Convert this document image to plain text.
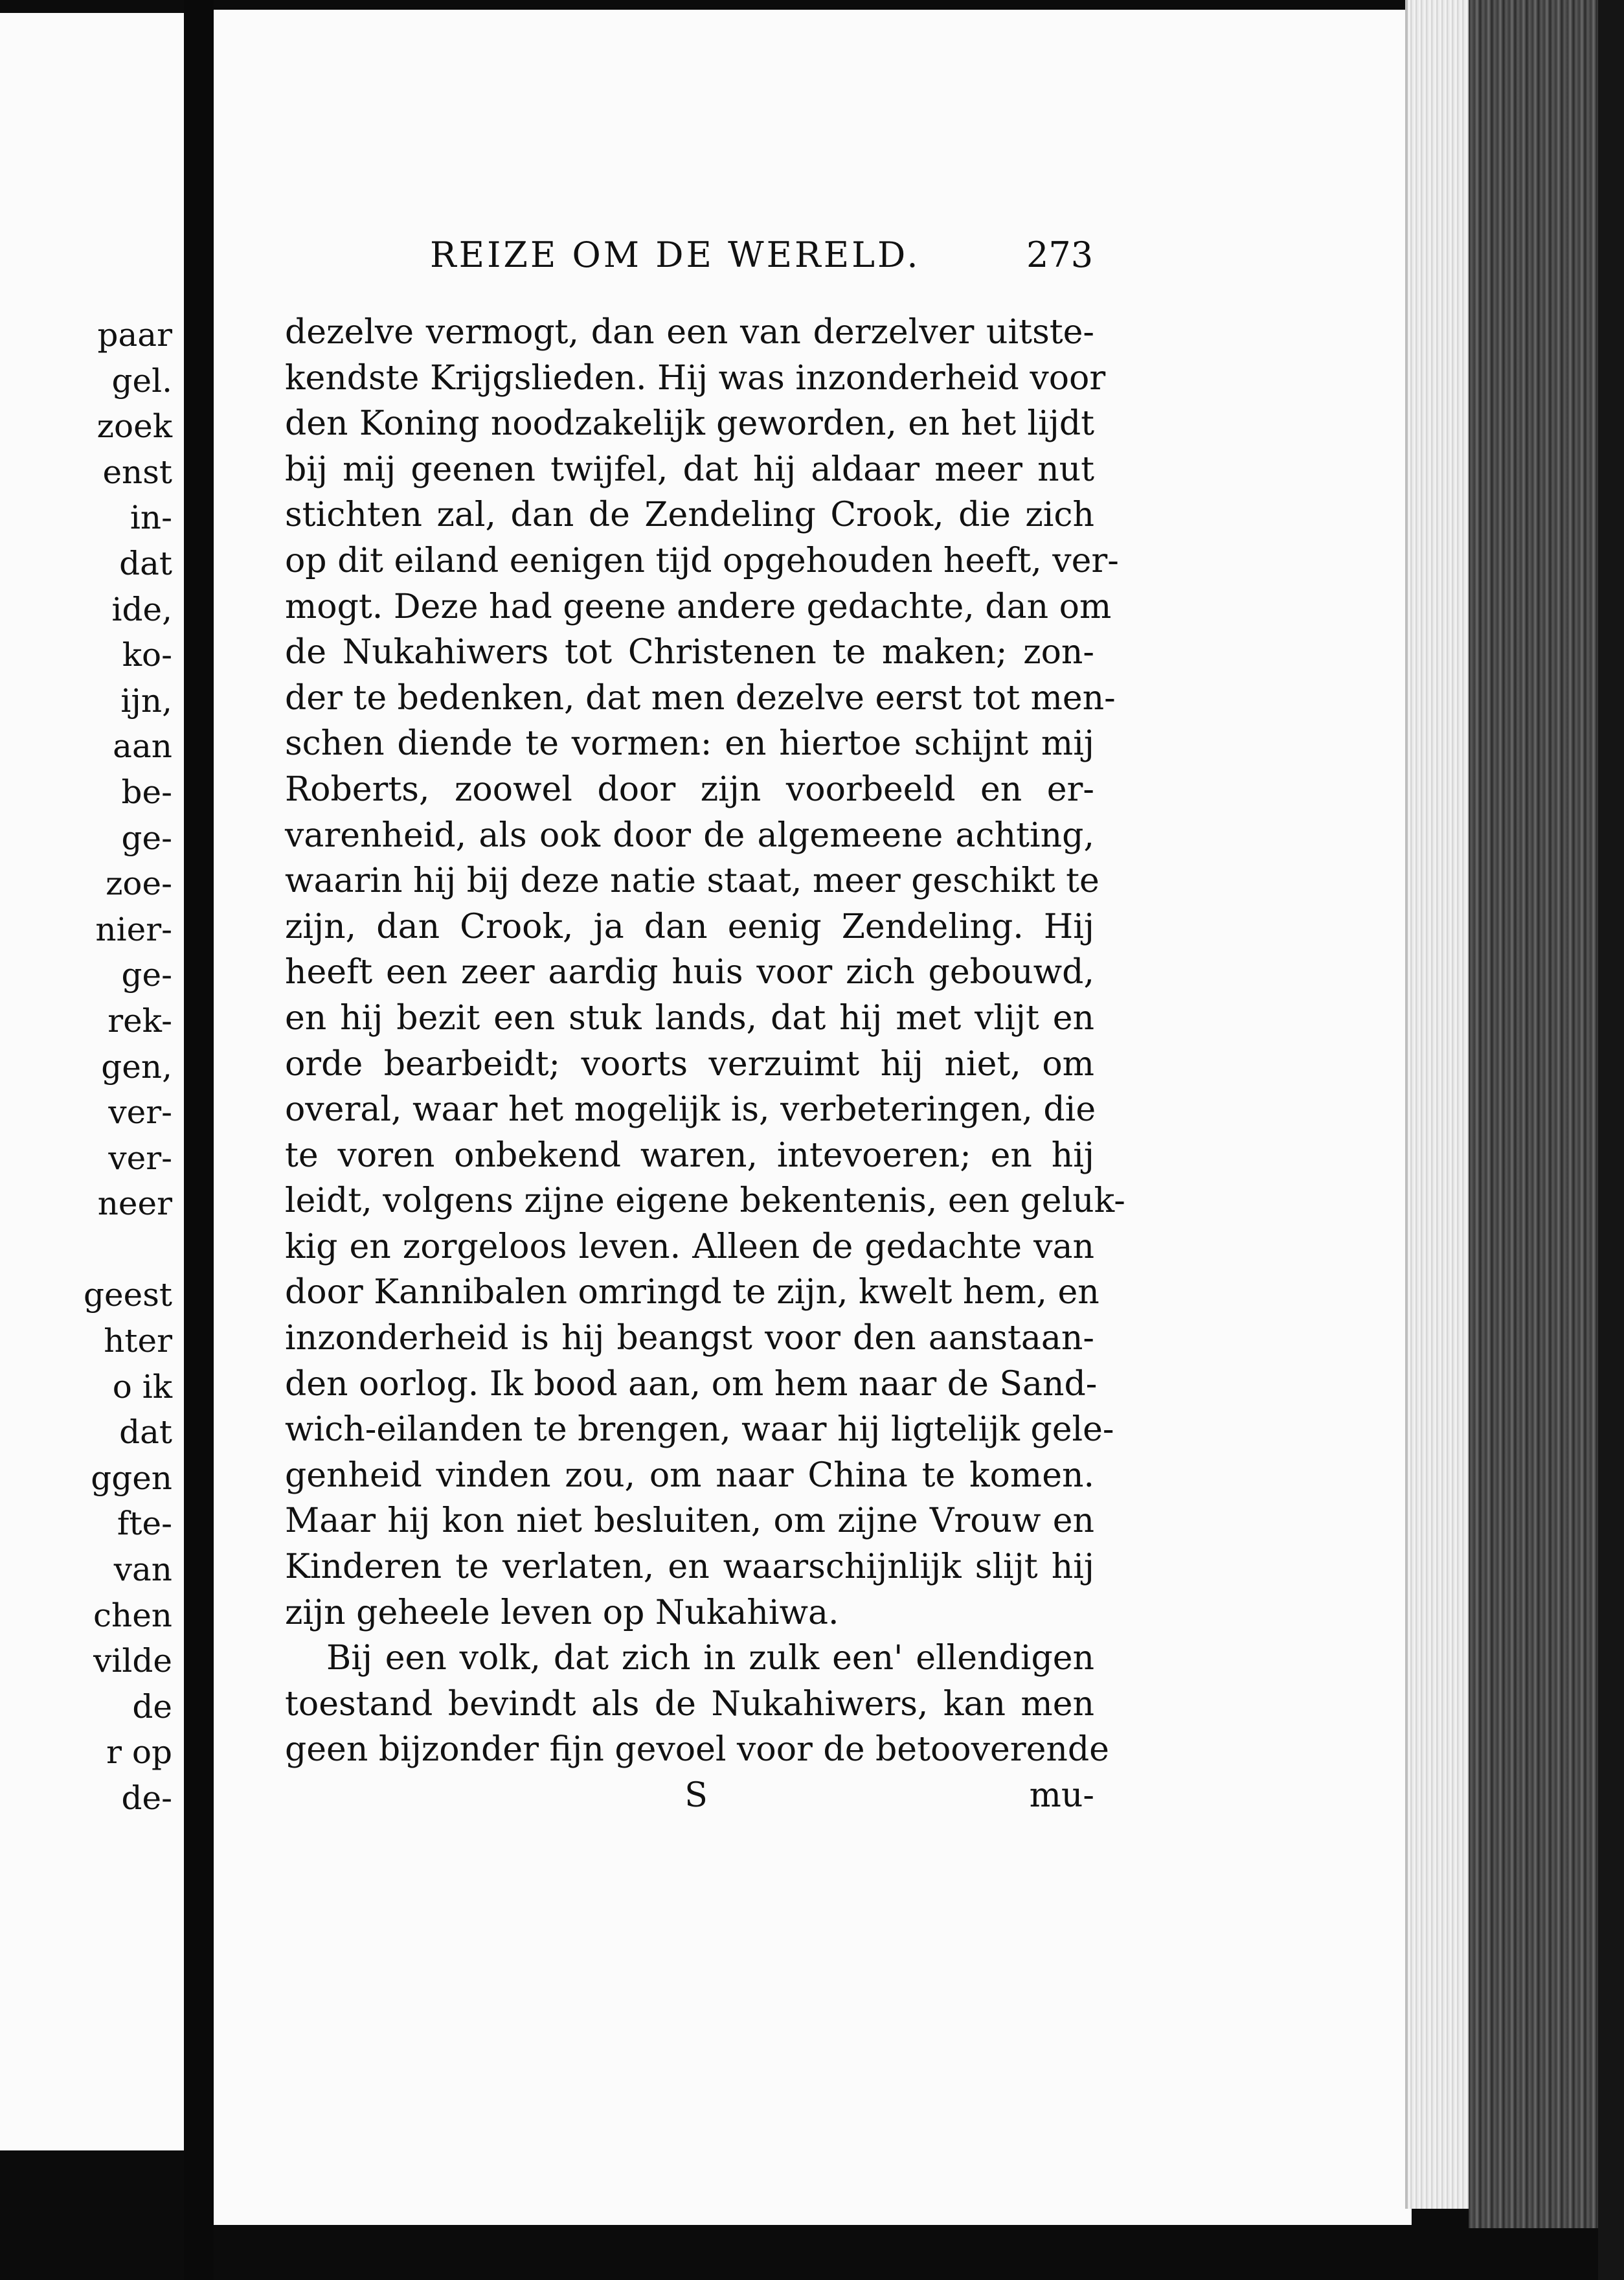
paar
gel.
zoek
enst
in-
dat
ide,
ko-
ijn,
aan
be-
ge-
zoe-
nier-
ge-
rek-
gen,
ver-
ver-
neer
geest
hter
o ik
dat
ggen
fte-
van
chen
vilde
de
r op
de-
REIZE OM DE WERELD.	273
dezelve vermogt, dan een van derzelver uitste-
kendste Krijgslieden. Hij was inzonderheid voor
den Koning noodzakelijk geworden, en het lijdt
bij mij geenen twijfel, dat hij aldaar meer nut
stichten zal, dan de Zendeling Crook, die zich
op dit eiland eenigen tijd opgehouden heeft, ver-
mogt. Deze had geene andere gedachte, dan om
de Nukahiwers tot Christenen te maken; zon-
der te bedenken, dat men dezelve eerst tot men-
schen diende te vormen: en hiertoe schijnt mij
Roberts, zoowel door zijn voorbeeld en er-
varenheid, als ook door de algemeene achting,
waarin hij bij deze natie staat, meer geschikt te
zijn, dan Crook, ja dan eenig Zendeling. Hij
heeft een zeer aardig huis voor zich gebouwd,
en hij bezit een stuk lands, dat hij met vlijt en
orde bearbeidt; voorts verzuimt hij niet, om
overal, waar het mogelijk is, verbeteringen, die
te voren onbekend waren, intevoeren; en hij
leidt, volgens zijne eigene bekentenis, een geluk-
kig en zorgeloos leven. Alleen de gedachte van
door Kannibalen omringd te zijn, kwelt hem, en
inzonderheid is hij beangst voor den aanstaan-
den oorlog. Ik bood aan, om hem naar de Sand-
wich-eilanden te brengen, waar hij ligtelijk gele-
genheid vinden zou, om naar China te komen.
Maar hij kon niet besluiten, om zijne Vrouw en
Kinderen te verlaten, en waarschijnlijk slijt hij
zijn geheele leven op Nukahiwa.
Bij een volk, dat zich in zulk een' ellendigen
toestand bevindt als de Nukahiwers, kan men
geen bijzonder fijn gevoel voor de betooverende
S	mu-
